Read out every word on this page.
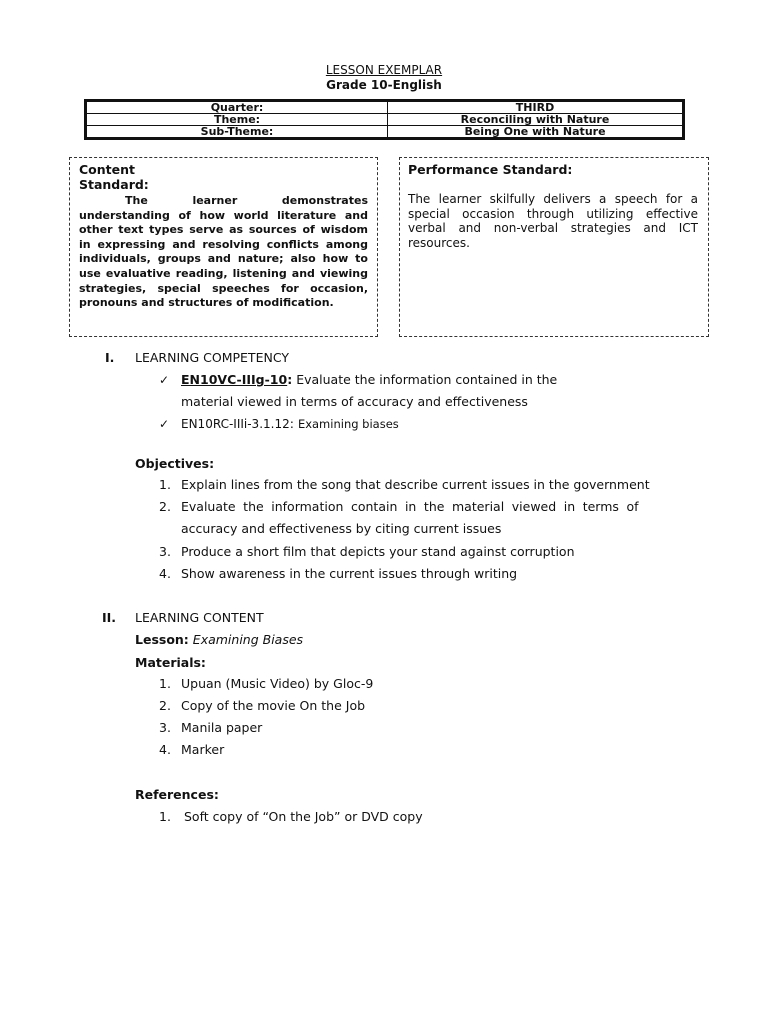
LESSON EXEMPLAR
Grade 10-English
Quarter:	THIRD
Theme:	Reconciling with Nature
Sub-Theme:	Being One with Nature
Content
Standard:
The learner demonstrates understanding of how world literature and other text types serve as sources of wisdom in expressing and resolving conflicts among individuals, groups and nature; also how to use evaluative reading, listening and viewing strategies, special speeches for occasion, pronouns and structures of modification.
Performance Standard:
The learner skilfully delivers a speech for a special occasion through utilizing effective verbal and non-verbal strategies and ICT resources.
I. LEARNING COMPETENCY
✓ EN10VC-IIIg-10: Evaluate the information contained in the
material viewed in terms of accuracy and effectiveness
✓ EN10RC-IIIi-3.1.12: Examining biases
Objectives:
1. Explain lines from the song that describe current issues in the government
2. Evaluate the information contain in the material viewed in terms of
accuracy and effectiveness by citing current issues
3. Produce a short film that depicts your stand against corruption
4. Show awareness in the current issues through writing
II. LEARNING CONTENT
Lesson: Examining Biases
Materials:
1. Upuan (Music Video) by Gloc-9
2. Copy of the movie On the Job
3. Manila paper
4. Marker
References:
1. Soft copy of “On the Job” or DVD copy
